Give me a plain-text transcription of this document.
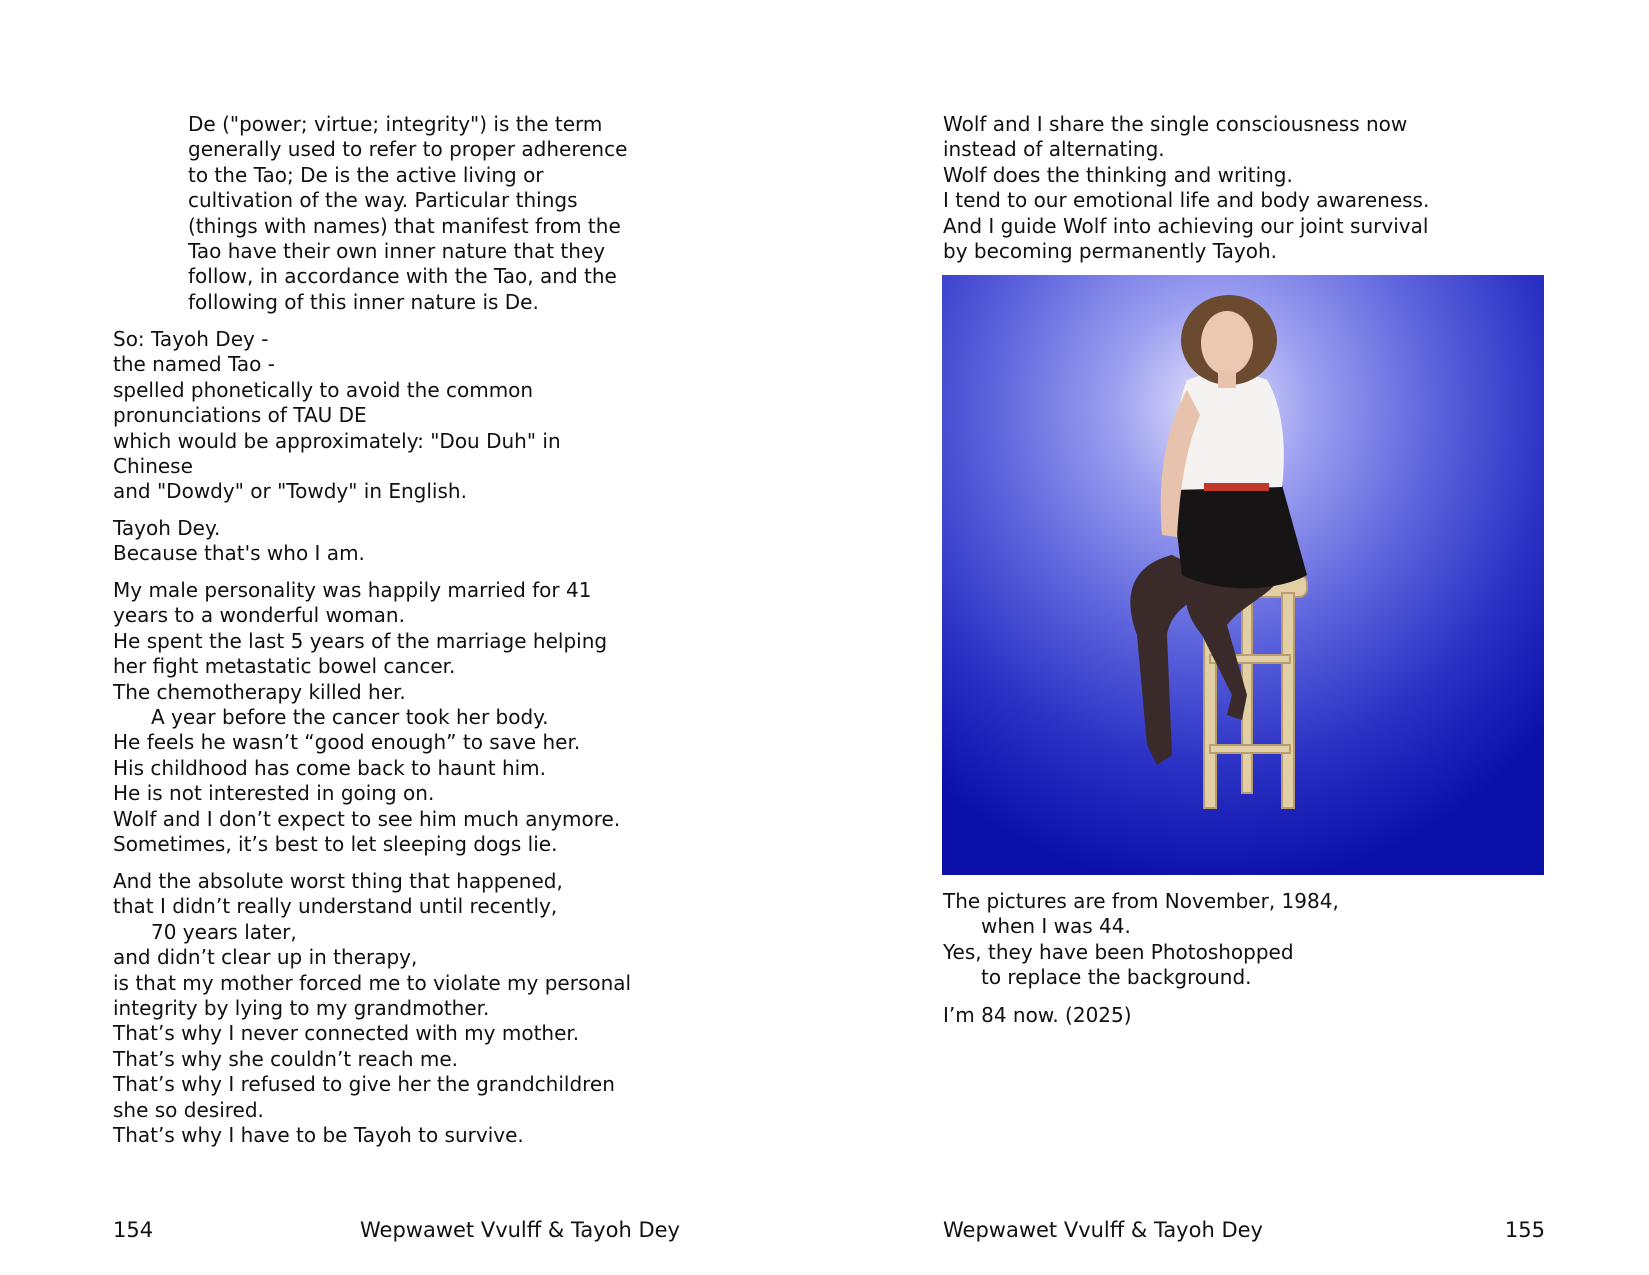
De ("power; virtue; integrity") is the term
generally used to refer to proper adherence
to the Tao; De is the active living or
cultivation of the way. Particular things
(things with names) that manifest from the
Tao have their own inner nature that they
follow, in accordance with the Tao, and the
following of this inner nature is De.
So: Tayoh Dey -
the named Tao -
spelled phonetically to avoid the common
pronunciations of TAU DE
which would be approximately: "Dou Duh" in
Chinese
and "Dowdy" or "Towdy" in English.
Tayoh Dey.
Because that's who I am.
My male personality was happily married for 41
years to a wonderful woman.
He spent the last 5 years of the marriage helping
her fight metastatic bowel cancer.
The chemotherapy killed her.
A year before the cancer took her body.
He feels he wasn’t “good enough” to save her.
His childhood has come back to haunt him.
He is not interested in going on.
Wolf and I don’t expect to see him much anymore.
Sometimes, it’s best to let sleeping dogs lie.
And the absolute worst thing that happened,
that I didn’t really understand until recently,
70 years later,
and didn’t clear up in therapy,
is that my mother forced me to violate my personal
integrity by lying to my grandmother.
That’s why I never connected with my mother.
That’s why she couldn’t reach me.
That’s why I refused to give her the grandchildren
she so desired.
That’s why I have to be Tayoh to survive.
Wolf and I share the single consciousness now
instead of alternating.
Wolf does the thinking and writing.
I tend to our emotional life and body awareness.
And I guide Wolf into achieving our joint survival
by becoming permanently Tayoh.
The pictures are from November, 1984,
when I was 44.
Yes, they have been Photoshopped
to replace the background.
I’m 84 now. (2025)
154	Wepwawet Vvulff & Tayoh Dey	Wepwawet Vvulff & Tayoh Dey	155
